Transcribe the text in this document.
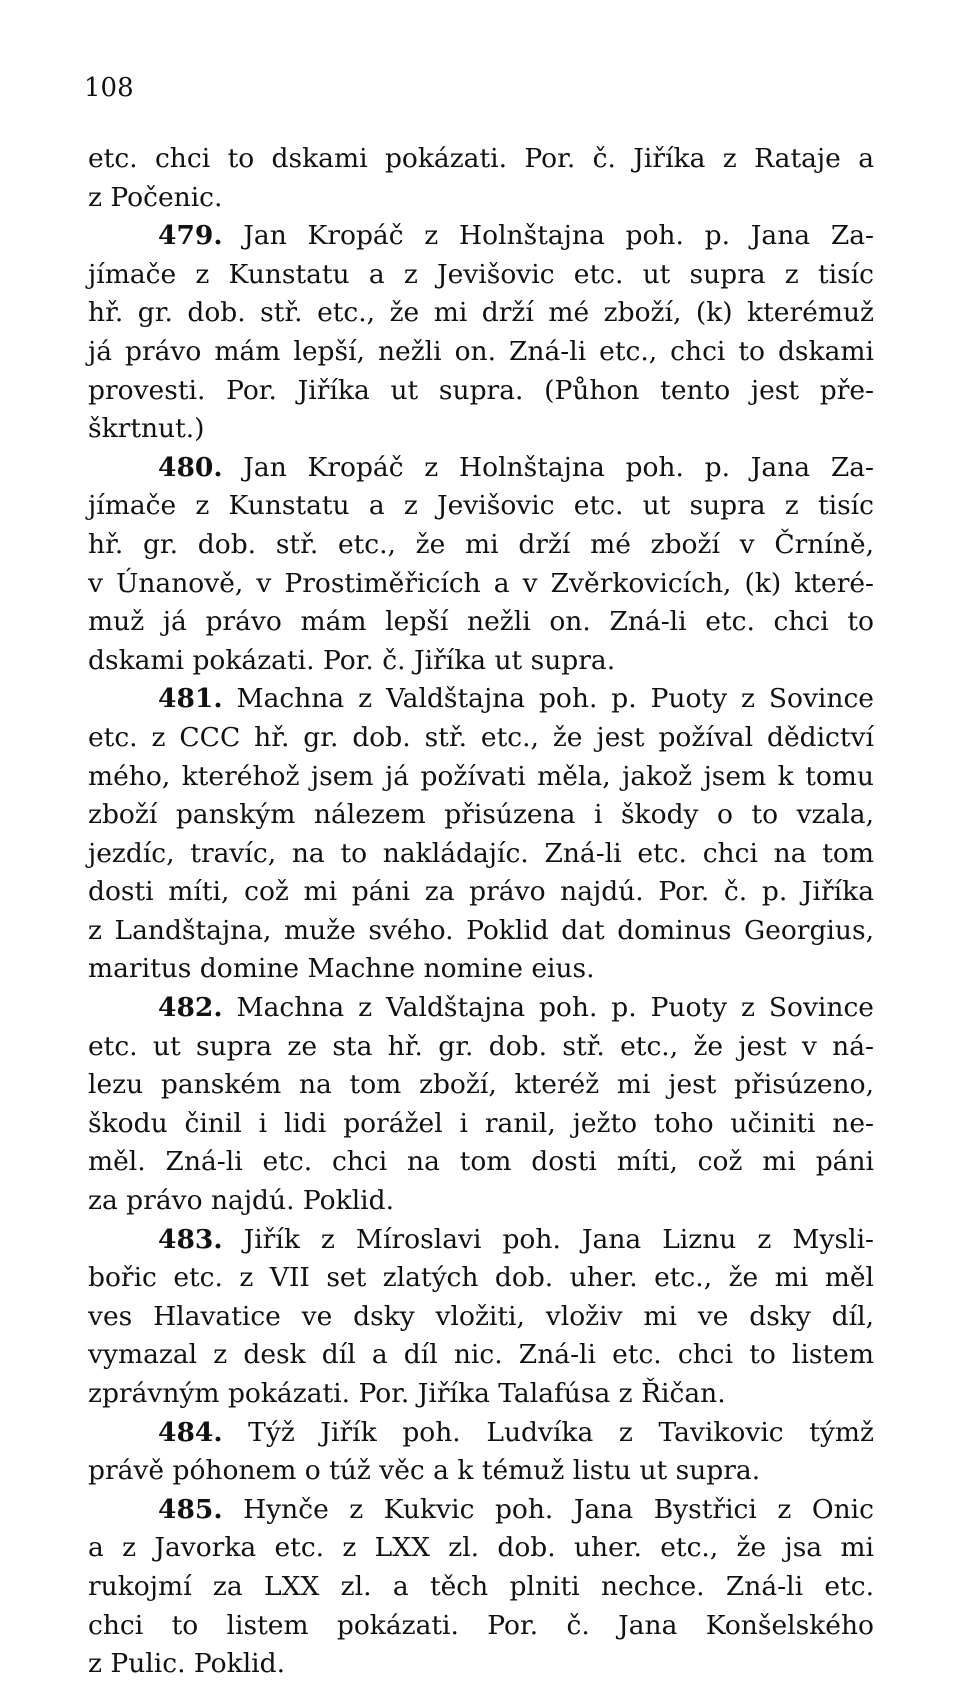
108
etc. chci to dskami pokázati. Por. č. Jiříka z Rataje a
z Počenic.
479. Jan Kropáč z Holnštajna poh. p. Jana Za-
jímače z Kunstatu a z Jevišovic etc. ut supra z tisíc
hř. gr. dob. stř. etc., že mi drží mé zboží, (k) kterémuž
já právo mám lepší, nežli on. Zná-li etc., chci to dskami
provesti. Por. Jiříka ut supra. (Půhon tento jest pře-
škrtnut.)
480. Jan Kropáč z Holnštajna poh. p. Jana Za-
jímače z Kunstatu a z Jevišovic etc. ut supra z tisíc
hř. gr. dob. stř. etc., že mi drží mé zboží v Črníně,
v Únanově, v Prostiměřicích a v Zvěrkovicích, (k) které-
muž já právo mám lepší nežli on. Zná-li etc. chci to
dskami pokázati. Por. č. Jiříka ut supra.
481. Machna z Valdštajna poh. p. Puoty z Sovince
etc. z CCC hř. gr. dob. stř. etc., že jest požíval dědictví
mého, kteréhož jsem já požívati měla, jakož jsem k tomu
zboží panským nálezem přisúzena i škody o to vzala,
jezdíc, travíc, na to nakládajíc. Zná-li etc. chci na tom
dosti míti, což mi páni za právo najdú. Por. č. p. Jiříka
z Landštajna, muže svého. Poklid dat dominus Georgius,
maritus domine Machne nomine eius.
482. Machna z Valdštajna poh. p. Puoty z Sovince
etc. ut supra ze sta hř. gr. dob. stř. etc., že jest v ná-
lezu panském na tom zboží, kteréž mi jest přisúzeno,
škodu činil i lidi porážel i ranil, ježto toho učiniti ne-
měl. Zná-li etc. chci na tom dosti míti, což mi páni
za právo najdú. Poklid.
483. Jiřík z Míroslavi poh. Jana Liznu z Mysli-
bořic etc. z VII set zlatých dob. uher. etc., že mi měl
ves Hlavatice ve dsky vložiti, vloživ mi ve dsky díl,
vymazal z desk díl a díl nic. Zná-li etc. chci to listem
zprávným pokázati. Por. Jiříka Talafúsa z Řičan.
484. Týž Jiřík poh. Ludvíka z Tavikovic týmž
právě póhonem o túž věc a k témuž listu ut supra.
485. Hynče z Kukvic poh. Jana Bystřici z Onic
a z Javorka etc. z LXX zl. dob. uher. etc., že jsa mi
rukojmí za LXX zl. a těch plniti nechce. Zná-li etc.
chci to listem pokázati. Por. č. Jana Konšelského
z Pulic. Poklid.
